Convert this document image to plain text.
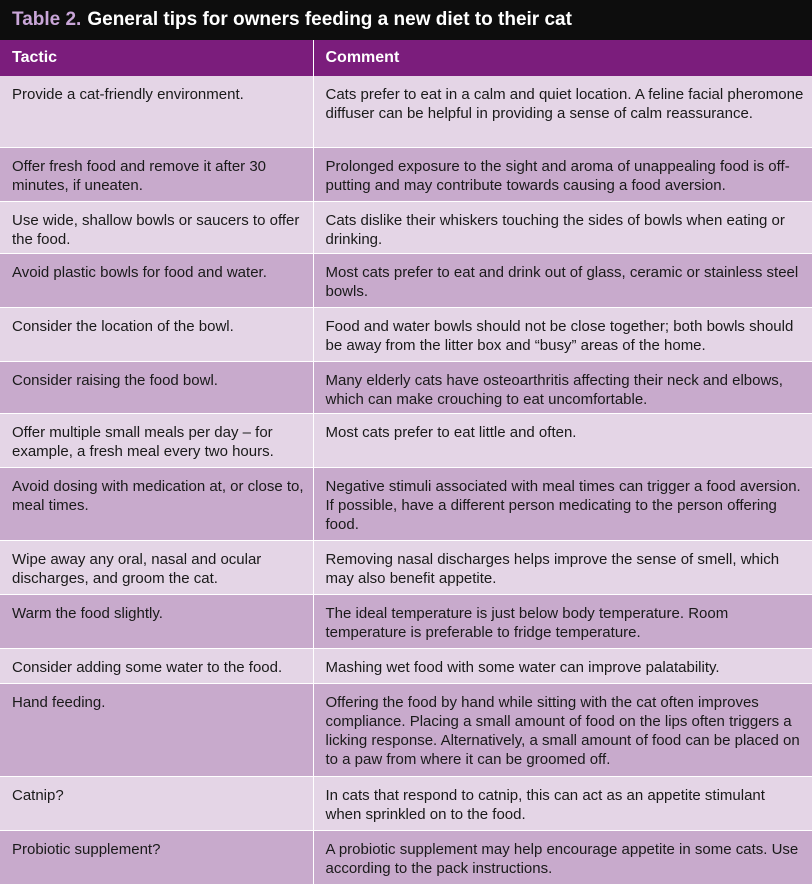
Table 2. General tips for owners feeding a new diet to their cat
Tactic	Comment
Provide a cat-friendly environment.	Cats prefer to eat in a calm and quiet location. A feline facial pheromone diffuser can be helpful in providing a sense of calm reassurance.
Offer fresh food and remove it after 30 minutes, if uneaten.	Prolonged exposure to the sight and aroma of unappealing food is off-putting and may contribute towards causing a food aversion.
Use wide, shallow bowls or saucers to offer the food.	Cats dislike their whiskers touching the sides of bowls when eating or drinking.
Avoid plastic bowls for food and water.	Most cats prefer to eat and drink out of glass, ceramic or stainless steel bowls.
Consider the location of the bowl.	Food and water bowls should not be close together; both bowls should be away from the litter box and “busy” areas of the home.
Consider raising the food bowl.	Many elderly cats have osteoarthritis affecting their neck and elbows, which can make crouching to eat uncomfortable.
Offer multiple small meals per day – for example, a fresh meal every two hours.	Most cats prefer to eat little and often.
Avoid dosing with medication at, or close to, meal times.	Negative stimuli associated with meal times can trigger a food aversion. If possible, have a different person medicating to the person offering food.
Wipe away any oral, nasal and ocular discharges, and groom the cat.	Removing nasal discharges helps improve the sense of smell, which may also benefit appetite.
Warm the food slightly.	The ideal temperature is just below body temperature. Room temperature is preferable to fridge temperature.
Consider adding some water to the food.	Mashing wet food with some water can improve palatability.
Hand feeding.	Offering the food by hand while sitting with the cat often improves compliance. Placing a small amount of food on the lips often triggers a licking response. Alternatively, a small amount of food can be placed on to a paw from where it can be groomed off.
Catnip?	In cats that respond to catnip, this can act as an appetite stimulant when sprinkled on to the food.
Probiotic supplement?	A probiotic supplement may help encourage appetite in some cats. Use according to the pack instructions.
